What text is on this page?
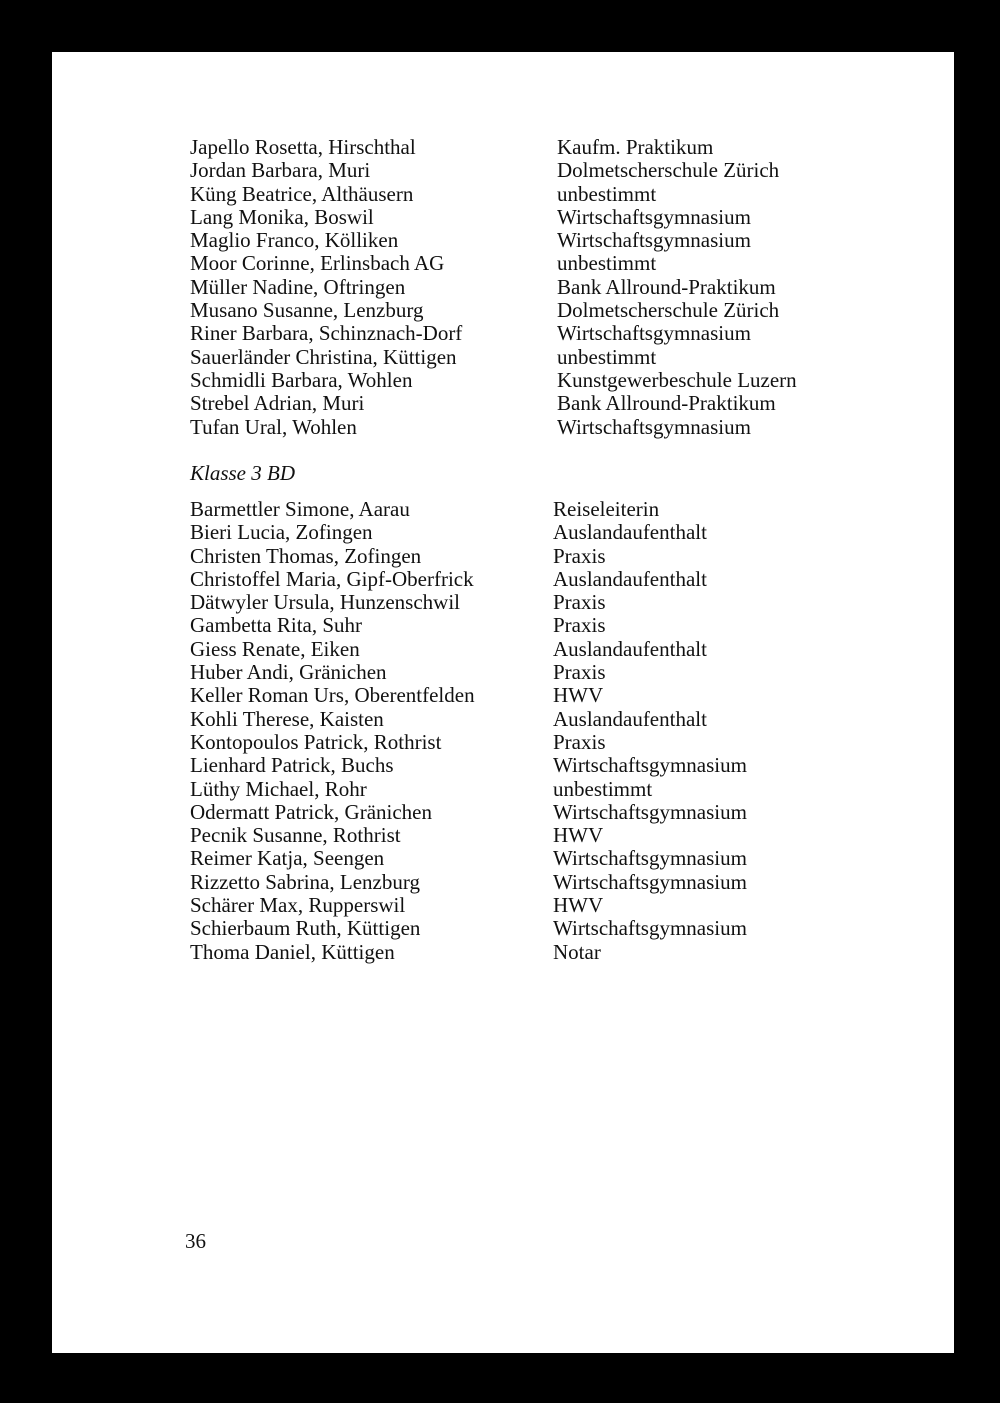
Japello Rosetta, Hirschthal	Kaufm. Praktikum
Jordan Barbara, Muri	Dolmetscherschule Zürich
Küng Beatrice, Althäusern	unbestimmt
Lang Monika, Boswil	Wirtschaftsgymnasium
Maglio Franco, Kölliken	Wirtschaftsgymnasium
Moor Corinne, Erlinsbach AG	unbestimmt
Müller Nadine, Oftringen	Bank Allround-Praktikum
Musano Susanne, Lenzburg	Dolmetscherschule Zürich
Riner Barbara, Schinznach-Dorf	Wirtschaftsgymnasium
Sauerländer Christina, Küttigen	unbestimmt
Schmidli Barbara, Wohlen	Kunstgewerbeschule Luzern
Strebel Adrian, Muri	Bank Allround-Praktikum
Tufan Ural, Wohlen	Wirtschaftsgymnasium
Klasse 3 BD
Barmettler Simone, Aarau	Reiseleiterin
Bieri Lucia, Zofingen	Auslandaufenthalt
Christen Thomas, Zofingen	Praxis
Christoffel Maria, Gipf-Oberfrick	Auslandaufenthalt
Dätwyler Ursula, Hunzenschwil	Praxis
Gambetta Rita, Suhr	Praxis
Giess Renate, Eiken	Auslandaufenthalt
Huber Andi, Gränichen	Praxis
Keller Roman Urs, Oberentfelden	HWV
Kohli Therese, Kaisten	Auslandaufenthalt
Kontopoulos Patrick, Rothrist	Praxis
Lienhard Patrick, Buchs	Wirtschaftsgymnasium
Lüthy Michael, Rohr	unbestimmt
Odermatt Patrick, Gränichen	Wirtschaftsgymnasium
Pecnik Susanne, Rothrist	HWV
Reimer Katja, Seengen	Wirtschaftsgymnasium
Rizzetto Sabrina, Lenzburg	Wirtschaftsgymnasium
Schärer Max, Rupperswil	HWV
Schierbaum Ruth, Küttigen	Wirtschaftsgymnasium
Thoma Daniel, Küttigen	Notar
36
